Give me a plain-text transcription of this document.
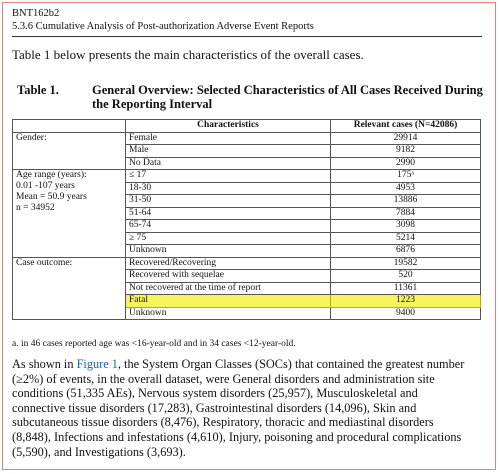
BNT162b2
5.3.6 Cumulative Analysis of Post-authorization Adverse Event Reports
Table 1 below presents the main characteristics of the overall cases.
Table 1.	General Overview: Selected Characteristics of All Cases Received During
the Reporting Interval
	Characteristics	Relevant cases (N=42086)
Gender:	Female	29914
	Male	9182
	No Data	2990

Age range (years):
0.01 -107 years
Mean = 50.9 years
n = 34952	≤ 17	175ᵃ
	18-30	4953
	31-50	13886
	51-64	7884
	65-74	3098
	≥ 75	5214
	Unknown	6876
Case outcome:	Recovered/Recovering	19582
	Recovered with sequelae	520
	Not recovered at the time of report	11361
	Fatal	1223
	Unknown	9400
a. in 46 cases reported age was <16-year-old and in 34 cases <12-year-old.
As shown in Figure 1, the System Organ Classes (SOCs) that contained the greatest number
(≥2%) of events, in the overall dataset, were General disorders and administration site
conditions (51,335 AEs), Nervous system disorders (25,957), Musculoskeletal and
connective tissue disorders (17,283), Gastrointestinal disorders (14,096), Skin and
subcutaneous tissue disorders (8,476), Respiratory, thoracic and mediastinal disorders
(8,848), Infections and infestations (4,610), Injury, poisoning and procedural complications
(5,590), and Investigations (3,693).
